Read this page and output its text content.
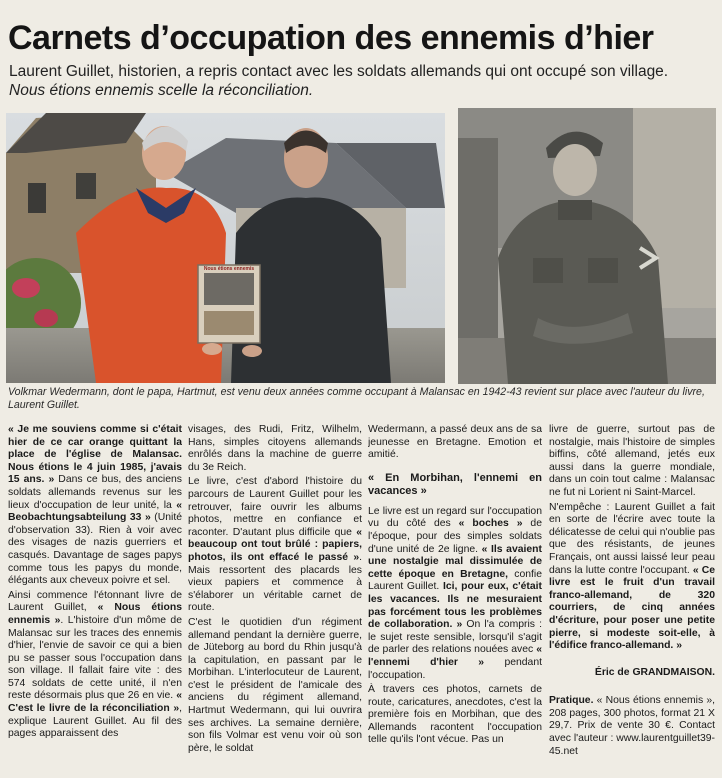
Carnets d’occupation des ennemis d’hier
Laurent Guillet, historien, a repris contact avec les soldats allemands qui ont occupé son village.
Nous étions ennemis scelle la réconciliation.
Nous étions ennemis
Volkmar Wedermann, dont le papa, Hartmut, est venu deux années comme occupant à Malansac en 1942-43 revient sur place avec l'auteur du livre, Laurent Guillet.

« Je me souviens comme si c'était hier de ce car orange quittant la place de l'église de Malansac. Nous étions le 4 juin 1985, j'avais 15 ans. » Dans ce bus, des anciens soldats allemands revenus sur les lieux d'occupation de leur unité, la « Beobachtungsabteilung 33 » (Unité d'observation 33). Rien à voir avec des visages de nazis guerriers et casqués. Davantage de sages papys comme tous les papys du monde, élégants aux cheveux poivre et sel.

Ainsi commence l'étonnant livre de Laurent Guillet, « Nous étions ennemis ». L'histoire d'un môme de Malansac sur les traces des ennemis d'hier, l'envie de savoir ce qui a bien pu se passer sous l'occupation dans son village. Il fallait faire vite : des 574 soldats de cette unité, il n'en reste désormais plus que 26 en vie. « C'est le livre de la réconciliation », explique Laurent Guillet. Au fil des pages apparaissent des

visages, des Rudi, Fritz, Wilhelm, Hans, simples citoyens allemands enrôlés dans la machine de guerre du 3e Reich.

Le livre, c'est d'abord l'histoire du parcours de Laurent Guillet pour les retrouver, faire ouvrir les albums photos, mettre en confiance et raconter. D'autant plus difficile que « beaucoup ont tout brûlé : papiers, photos, ils ont effacé le passé ». Mais ressortent des placards les vieux papiers et commence à s'élaborer un véritable carnet de route.

C'est le quotidien d'un régiment allemand pendant la dernière guerre, de Jüteborg au bord du Rhin jusqu'à la capitulation, en passant par le Morbihan. L'interlocuteur de Laurent, c'est le président de l'amicale des anciens du régiment allemand, Hartmut Wedermann, qui lui ouvrira ses archives. La semaine dernière, son fils Volmar est venu voir où son père, le soldat

Wedermann, a passé deux ans de sa jeunesse en Bretagne. Emotion et amitié.

« En Morbihan, l'ennemi en vacances »

Le livre est un regard sur l'occupation vu du côté des « boches » de l'époque, pour des simples soldats d'une unité de 2e ligne. « Ils avaient une nostalgie mal dissimulée de cette époque en Bretagne, confie Laurent Guillet. Ici, pour eux, c'était les vacances. Ils ne mesuraient pas forcément tous les problèmes de collaboration. » On l'a compris : le sujet reste sensible, lorsqu'il s'agit de parler des relations nouées avec « l'ennemi d'hier » pendant l'occupation.

À travers ces photos, carnets de route, caricatures, anecdotes, c'est la première fois en Morbihan, que des Allemands racontent l'occupation telle qu'ils l'ont vécue. Pas un

livre de guerre, surtout pas de nostalgie, mais l'histoire de simples biffins, côté allemand, jetés eux aussi dans la guerre mondiale, dans un coin tout calme : Malansac ne fut ni Lorient ni Saint-Marcel.

N'empêche : Laurent Guillet a fait en sorte de l'écrire avec toute la délicatesse de celui qui n'oublie pas que des résistants, de jeunes Français, ont aussi laissé leur peau dans la lutte contre l'occupant. « Ce livre est le fruit d'un travail franco-allemand, de 320 courriers, de cinq années d'écriture, pour poser une petite pierre, si modeste soit-elle, à l'édifice franco-allemand. »

Éric de GRANDMAISON.

Pratique. « Nous étions ennemis », 208 pages, 300 photos, format 21 X 29,7. Prix de vente 30 €. Contact avec l'auteur : www.laurentguillet39-45.net
